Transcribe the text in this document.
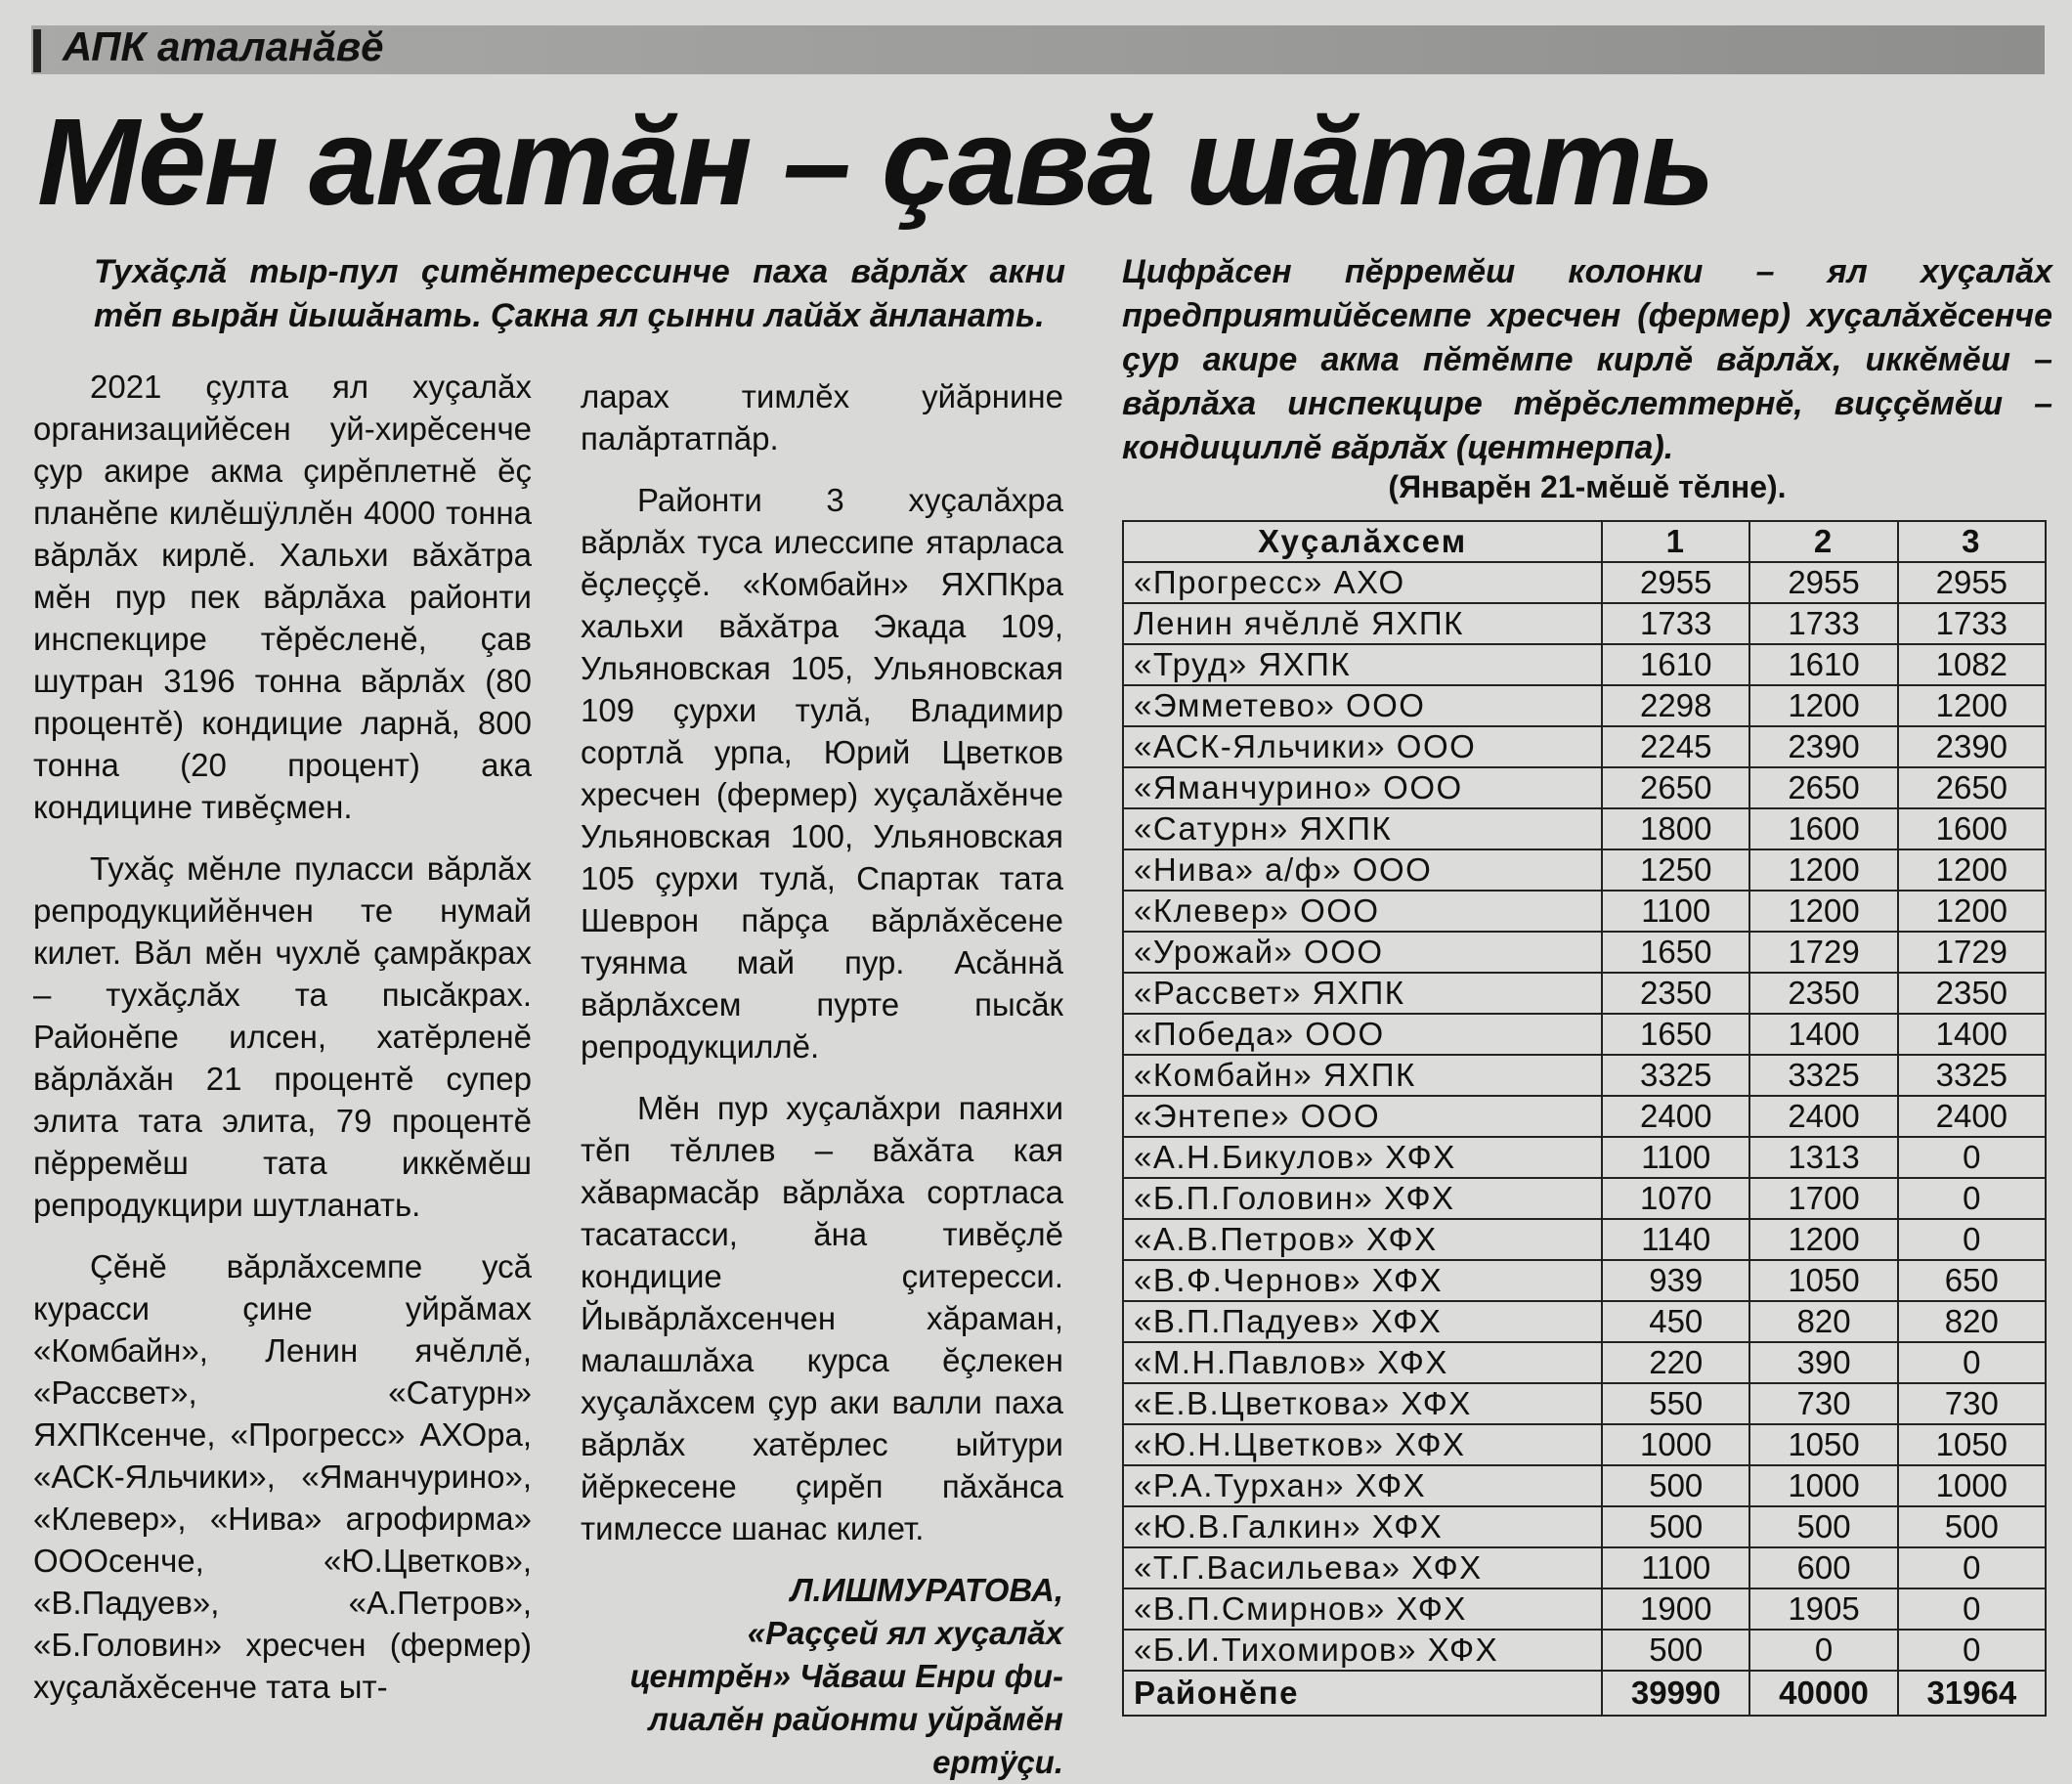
АПК аталанăвĕ
Мĕн акатăн – çавă шăтать
Тухăçлă тыр-пул çитĕнтерессинче паха вăрлăх акни тĕп вырăн йышăнать. Çакна ял çынни лайăх ăнланать.
Цифрăсен пĕрремĕш колонки – ял хуçалăх предприятийĕсемпе хресчен (фермер) хуçалăхĕсенче çур акире акма пĕтĕмпе кирлĕ вăрлăх, иккĕмĕш – вăрлăха инспекцире тĕрĕслеттернĕ, виççĕмĕш – кондициллĕ вăрлăх (центнерпа).
(Январĕн 21-мĕшĕ тĕлне).

2021 çулта ял хуçалăх организацийĕсен уй-хирĕсенче çур акире акма çирĕплетнĕ ĕç планĕпе килĕшÿллĕн 4000 тонна вăрлăх кирлĕ. Хальхи вăхăтра мĕн пур пек вăрлăха районти инспекцире тĕрĕсленĕ, çав шутран 3196 тонна вăрлăх (80 процентĕ) кондицие ларнă, 800 тонна (20 процент) ака кондицине тивĕçмен.

Тухăç мĕнле пуласси вăрлăх репродукцийĕнчен те нумай килет. Вăл мĕн чухлĕ çамрăкрах – тухăçлăх та пысăкрах. Районĕпе илсен, хатĕрленĕ вăрлăхăн 21 процентĕ супер элита тата элита, 79 процентĕ пĕрремĕш тата иккĕмĕш репродукцири шутланать.

Çĕнĕ вăрлăхсемпе усă курасси çине уйрăмах «Комбайн», Ленин ячĕллĕ, «Рассвет», «Сатурн» ЯХПКсенче, «Прогресс» АХОра, «АСК-Яльчики», «Яманчурино», «Клевер», «Нива» агрофирма» ОООсенче, «Ю.Цветков», «В.Падуев», «А.Петров», «Б.Головин» хресчен (фермер) хуçалăхĕсенче тата ыт-

ларах тимлĕх уйăрнине палăртатпăр.

Районти 3 хуçалăхра вăрлăх туса илессипе ятарласа ĕçлеççĕ. «Комбайн» ЯХПКра хальхи вăхăтра Экада 109, Ульяновская 105, Ульяновская 109 çурхи тулă, Владимир сортлă урпа, Юрий Цветков хресчен (фермер) хуçалăхĕнче Ульяновская 100, Ульяновская 105 çурхи тулă, Спартак тата Шеврон пăрçа вăрлăхĕсене туянма май пур. Асăннă вăрлăхсем пурте пысăк репродукциллĕ.

Мĕн пур хуçалăхри паянхи тĕп тĕллев – вăхăта кая хăвармасăр вăрлăха сортласа тасатасси, ăна тивĕçлĕ кондицие çитересси. Йывăрлăхсенчен хăраман, малашлăха курса ĕçлекен хуçалăхсем çур аки валли паха вăрлăх хатĕрлес ыйтури йĕркесене çирĕп пăхăнса тимлессе шанас килет.

Л.ИШМУРАТОВА,
«Раççей ял хуçалăх
центрĕн» Чăваш Енри фи-
лиалĕн районти уйрăмĕн
ертÿçи.
Хуçалăхсем	1	2	3
«Прогресс» АХО	2955	2955	2955
Ленин ячĕллĕ ЯХПК	1733	1733	1733
«Труд» ЯХПК	1610	1610	1082
«Эмметево» ООО	2298	1200	1200
«АСК-Яльчики» ООО	2245	2390	2390
«Яманчурино» ООО	2650	2650	2650
«Сатурн» ЯХПК	1800	1600	1600
«Нива» а/ф» ООО	1250	1200	1200
«Клевер» ООО	1100	1200	1200
«Урожай» ООО	1650	1729	1729
«Рассвет» ЯХПК	2350	2350	2350
«Победа» ООО	1650	1400	1400
«Комбайн» ЯХПК	3325	3325	3325
«Энтепе» ООО	2400	2400	2400
«А.Н.Бикулов» ХФХ	1100	1313	0
«Б.П.Головин» ХФХ	1070	1700	0
«А.В.Петров» ХФХ	1140	1200	0
«В.Ф.Чернов» ХФХ	939	1050	650
«В.П.Падуев» ХФХ	450	820	820
«М.Н.Павлов» ХФХ	220	390	0
«Е.В.Цветкова» ХФХ	550	730	730
«Ю.Н.Цветков» ХФХ	1000	1050	1050
«Р.А.Турхан» ХФХ	500	1000	1000
«Ю.В.Галкин» ХФХ	500	500	500
«Т.Г.Васильева» ХФХ	1100	600	0
«В.П.Смирнов» ХФХ	1900	1905	0
«Б.И.Тихомиров» ХФХ	500	0	0
Районĕпе	39990	40000	31964
